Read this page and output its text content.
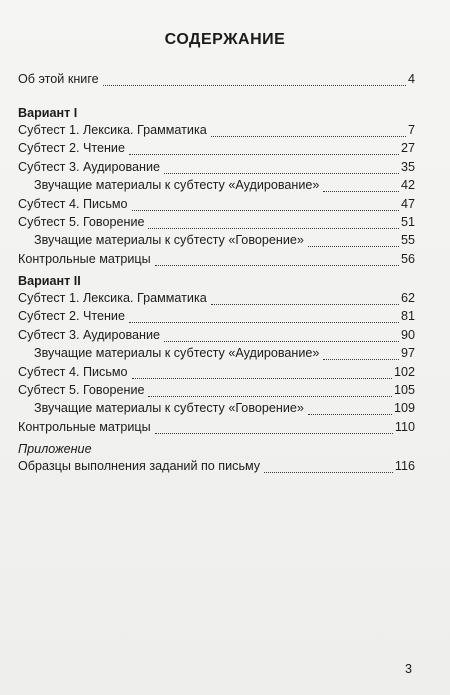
СОДЕРЖАНИЕ
Об этой книге	4
Вариант I
Субтест 1. Лексика. Грамматика	7
Субтест 2. Чтение	27
Субтест 3. Аудирование	35
Звучащие материалы к субтесту «Аудирование»	42
Субтест 4. Письмо	47
Субтест 5. Говорение	51
Звучащие материалы к субтесту «Говорение»	55
Контрольные матрицы	56
Вариант II
Субтест 1. Лексика. Грамматика	62
Субтест 2. Чтение	81
Субтест 3. Аудирование	90
Звучащие материалы к субтесту «Аудирование»	97
Субтест 4. Письмо	102
Субтест 5. Говорение	105
Звучащие материалы к субтесту «Говорение»	109
Контрольные матрицы	110
Приложение
Образцы выполнения заданий по письму	116
3
